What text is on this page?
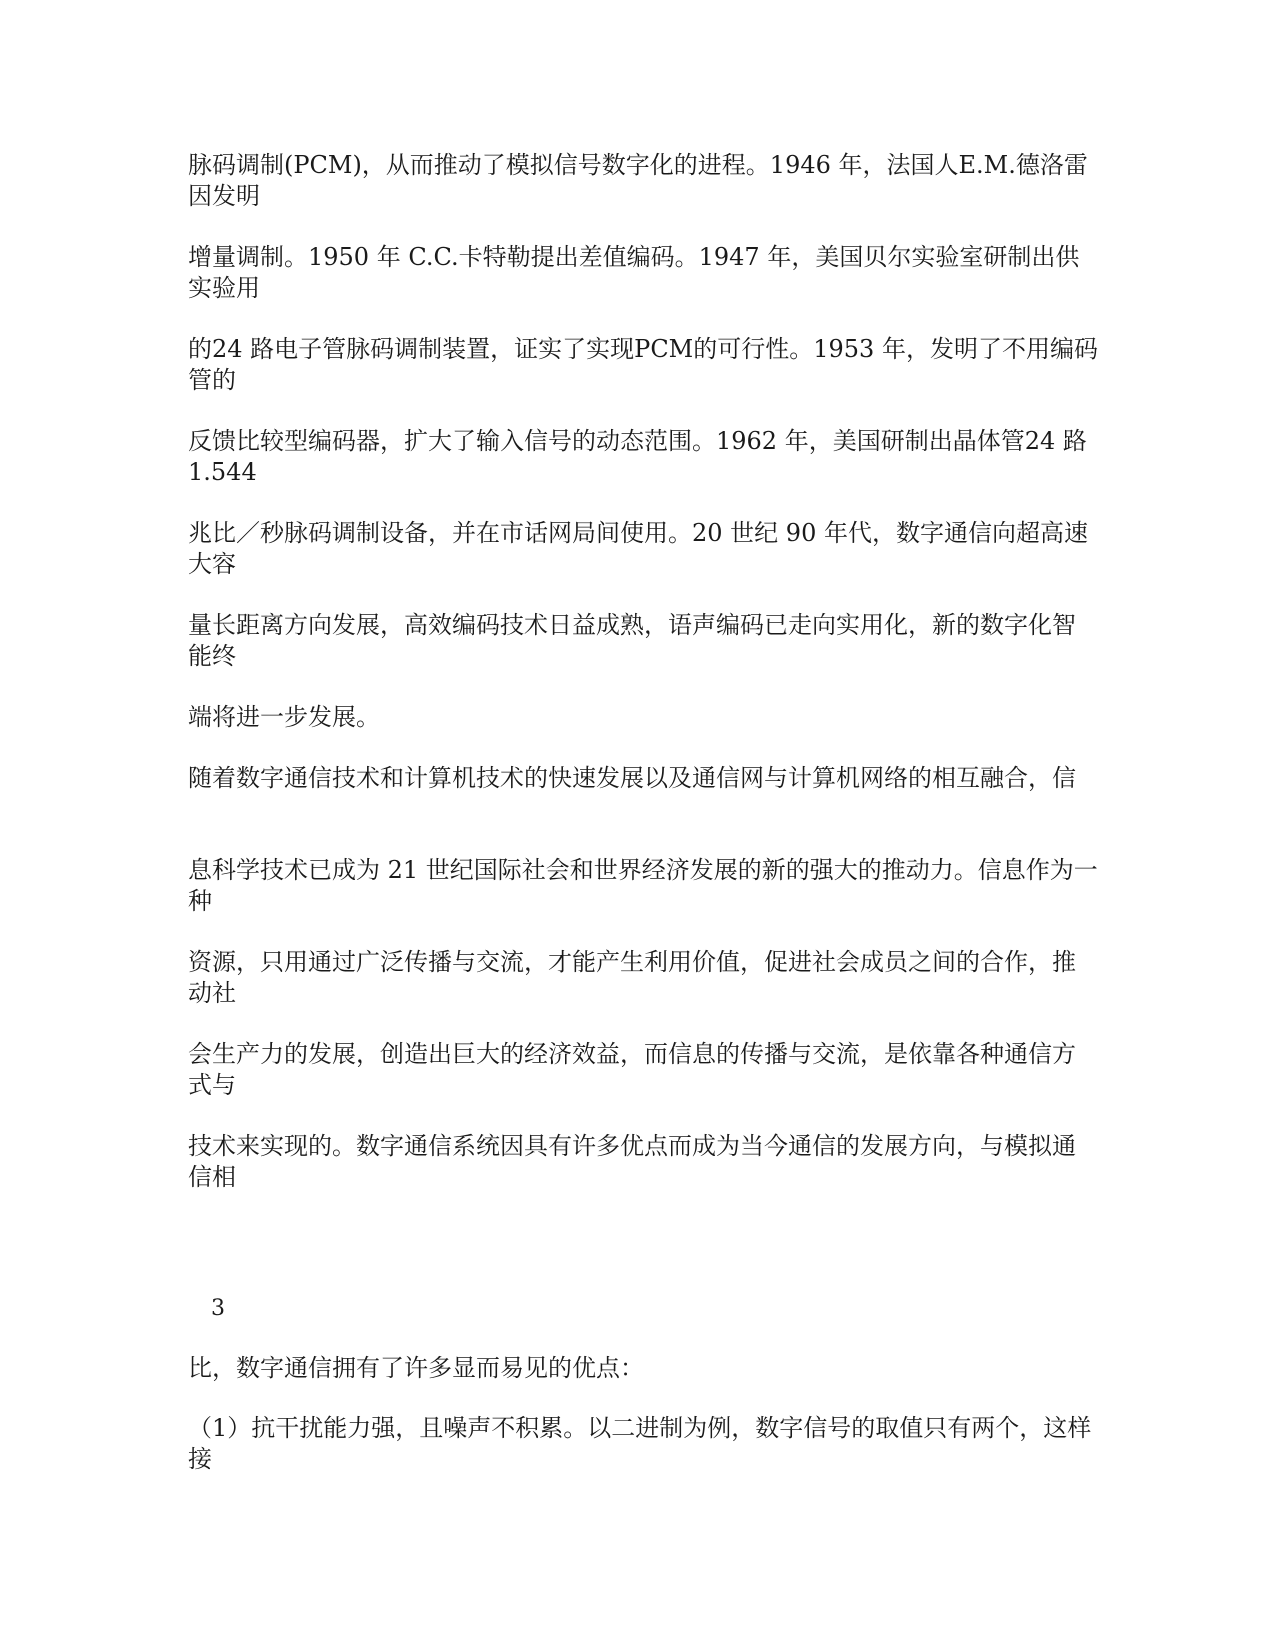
脉码调制(PCM)，从而推动了模拟信号数字化的进程。1946 年，法国人E.M.德洛雷因发明

增量调制。1950 年 C.C.卡特勒提出差值编码。1947 年，美国贝尔实验室研制出供实验用

的24 路电子管脉码调制装置，证实了实现PCM的可行性。1953 年，发明了不用编码管的

反馈比较型编码器，扩大了输入信号的动态范围。1962 年，美国研制出晶体管24 路1.544

兆比／秒脉码调制设备，并在市话网局间使用。20 世纪 90 年代，数字通信向超高速大容

量长距离方向发展，高效编码技术日益成熟，语声编码已走向实用化，新的数字化智能终

端将进一步发展。

随着数字通信技术和计算机技术的快速发展以及通信网与计算机网络的相互融合，信

息科学技术已成为 21 世纪国际社会和世界经济发展的新的强大的推动力。信息作为一种

资源，只用通过广泛传播与交流，才能产生利用价值，促进社会成员之间的合作，推动社

会生产力的发展，创造出巨大的经济效益，而信息的传播与交流，是依靠各种通信方式与

技术来实现的。数字通信系统因具有许多优点而成为当今通信的发展方向，与模拟通信相

3

比，数字通信拥有了许多显而易见的优点：

（1）抗干扰能力强，且噪声不积累。以二进制为例，数字信号的取值只有两个，这样接
